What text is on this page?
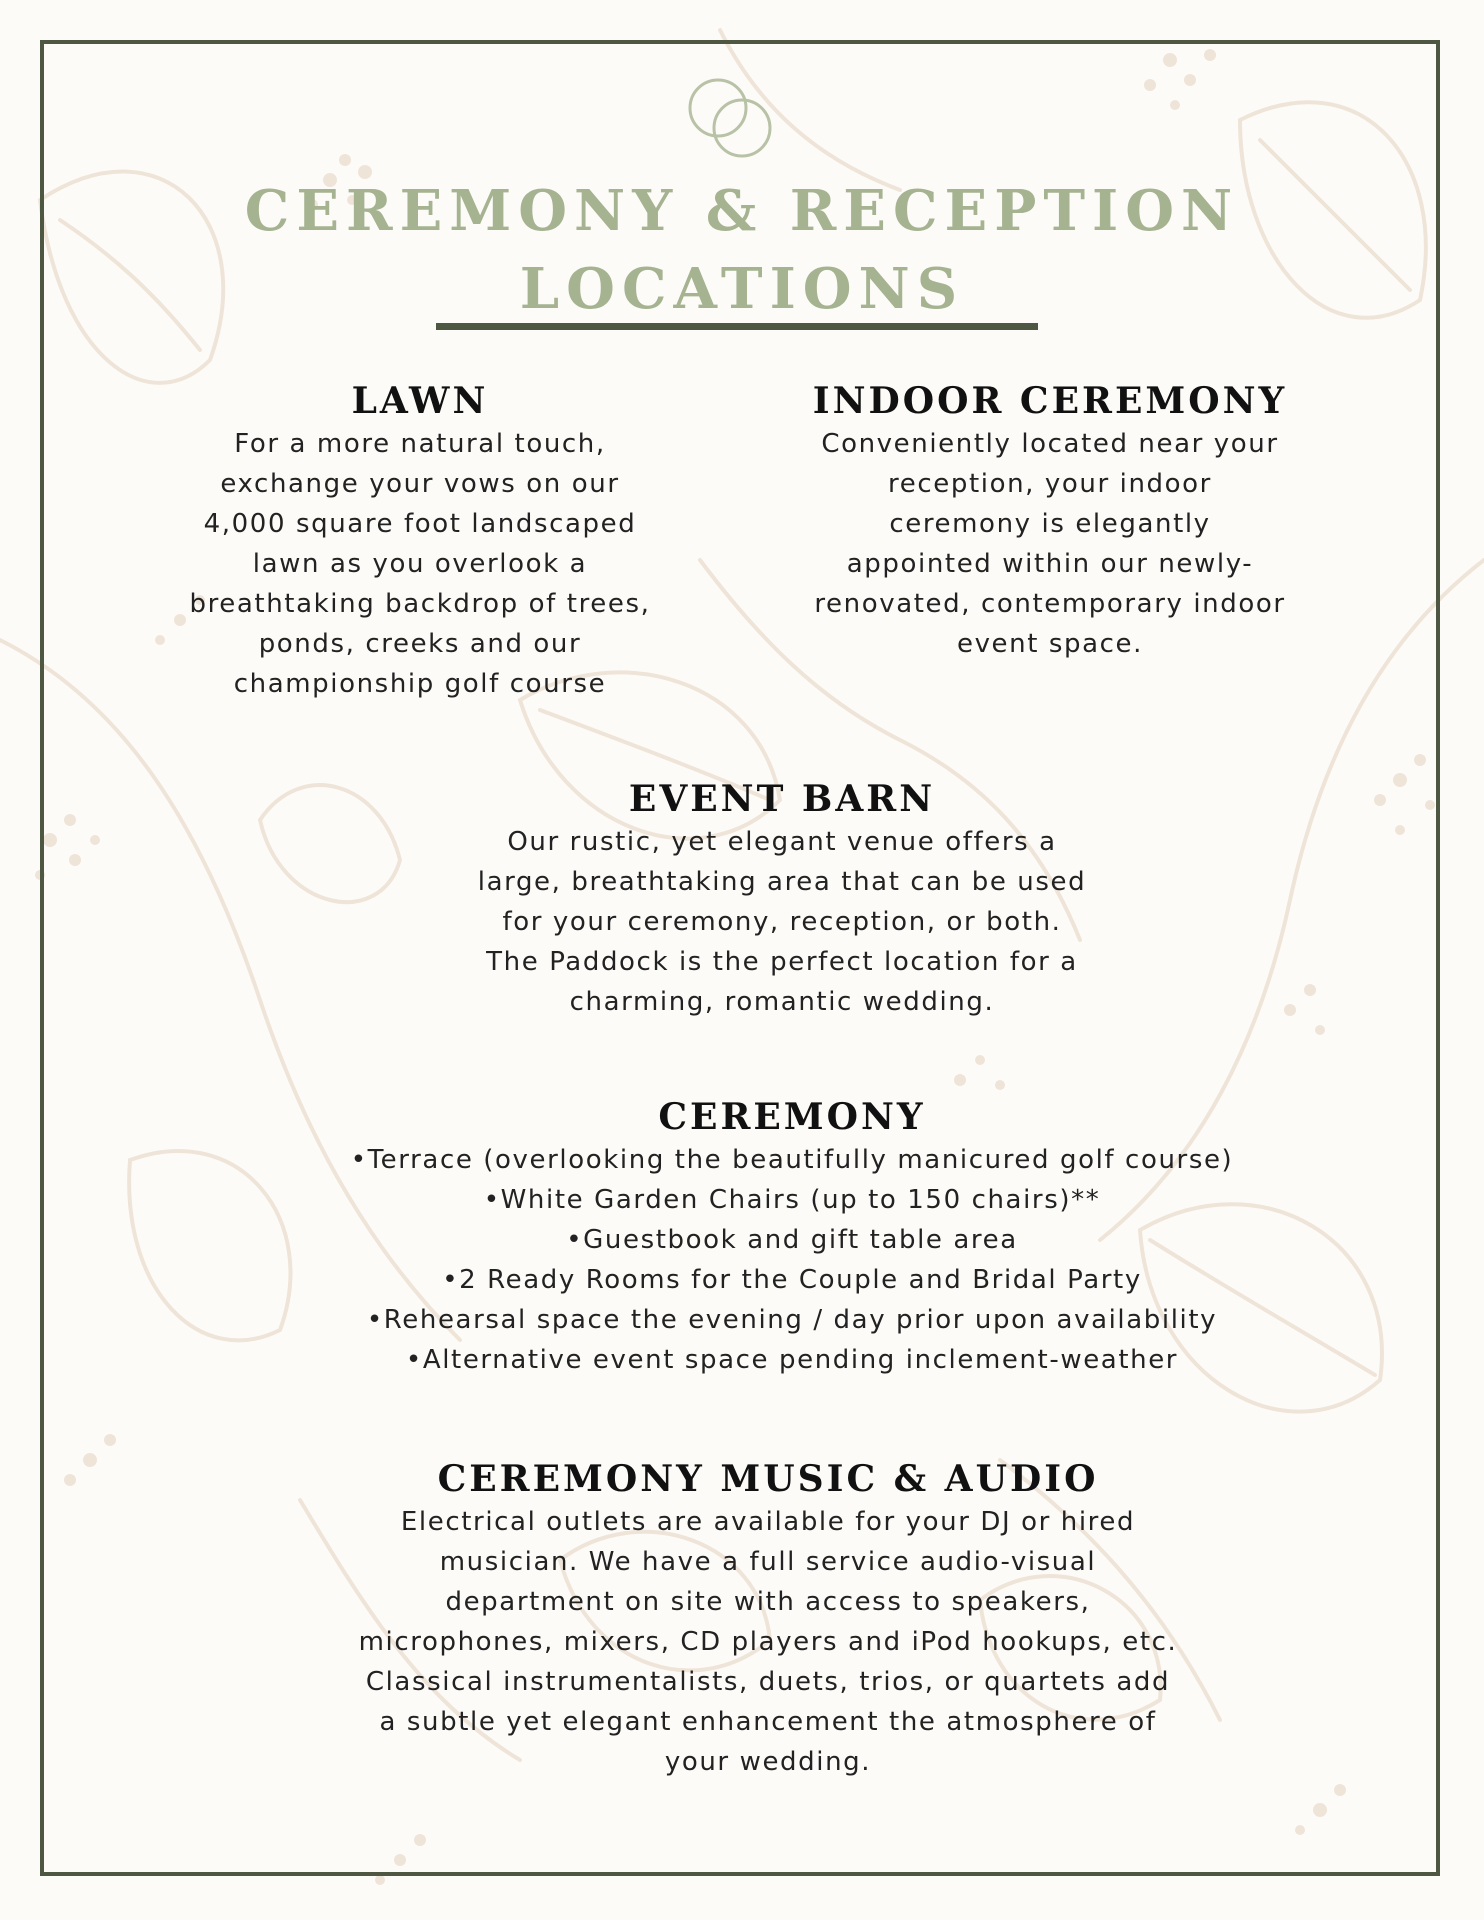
CEREMONY & RECEPTION
LOCATIONS
LAWN

For a more natural touch,
exchange your vows on our
4,000 square foot landscaped
lawn as you overlook a
breathtaking backdrop of trees,
ponds, creeks and our
championship golf course

INDOOR CEREMONY

Conveniently located near your
reception, your indoor
ceremony is elegantly
appointed within our newly-
renovated, contemporary indoor
event space.

EVENT BARN

Our rustic, yet elegant venue offers a
large, breathtaking area that can be used
for your ceremony, reception, or both.
The Paddock is the perfect location for a
charming, romantic wedding.

CEREMONY
•Terrace (overlooking the beautifully manicured golf course)
•White Garden Chairs (up to 150 chairs)**
•Guestbook and gift table area
•2 Ready Rooms for the Couple and Bridal Party
•Rehearsal space the evening / day prior upon availability
•Alternative event space pending inclement-weather
CEREMONY MUSIC & AUDIO

Electrical outlets are available for your DJ or hired
musician. We have a full service audio-visual
department on site with access to speakers,
microphones, mixers, CD players and iPod hookups, etc.
Classical instrumentalists, duets, trios, or quartets add
a subtle yet elegant enhancement the atmosphere of
your wedding.
